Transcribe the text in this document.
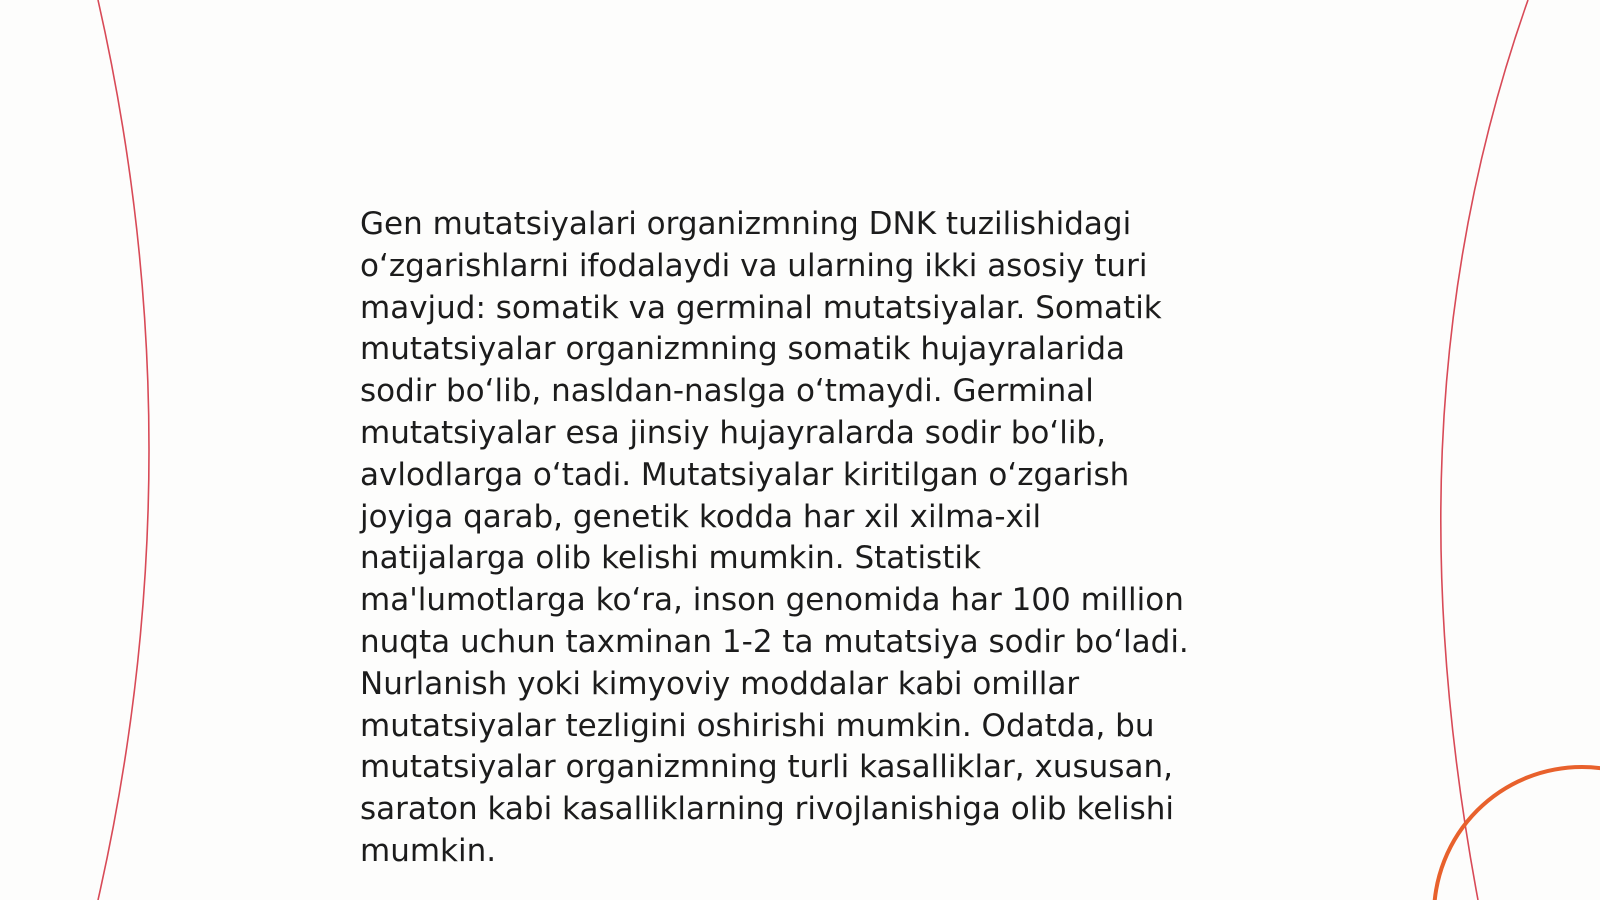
Gen mutatsiyalari organizmning DNK tuzilishidagi
o‘zgarishlarni ifodalaydi va ularning ikki asosiy turi
mavjud: somatik va germinal mutatsiyalar. Somatik
mutatsiyalar organizmning somatik hujayralarida
sodir bo‘lib, nasldan-naslga o‘tmaydi. Germinal
mutatsiyalar esa jinsiy hujayralarda sodir bo‘lib,
avlodlarga o‘tadi. Mutatsiyalar kiritilgan o‘zgarish
joyiga qarab, genetik kodda har xil xilma-xil
natijalarga olib kelishi mumkin. Statistik
ma'lumotlarga ko‘ra, inson genomida har 100 million
nuqta uchun taxminan 1-2 ta mutatsiya sodir bo‘ladi.
Nurlanish yoki kimyoviy moddalar kabi omillar
mutatsiyalar tezligini oshirishi mumkin. Odatda, bu
mutatsiyalar organizmning turli kasalliklar, xususan,
saraton kabi kasalliklarning rivojlanishiga olib kelishi
mumkin.
